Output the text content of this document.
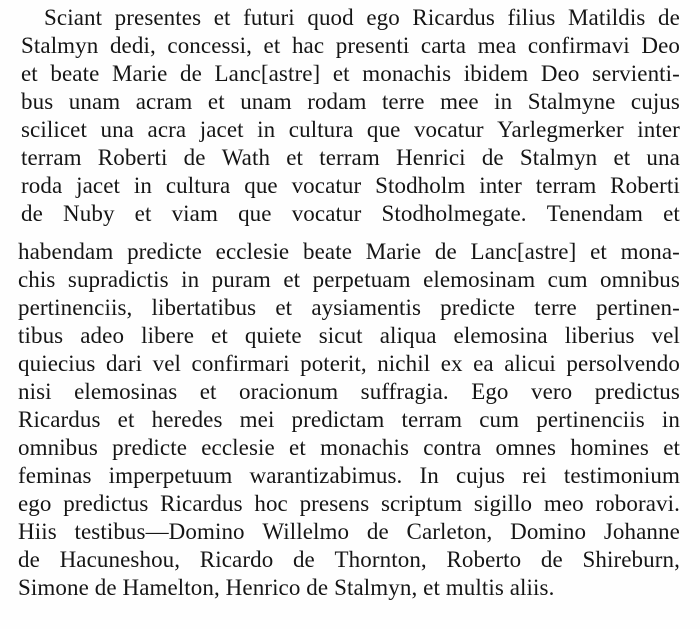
Sciant presentes et futuri quod ego Ricardus filius Matildis de
Stalmyn dedi, concessi, et hac presenti carta mea confirmavi Deo
et beate Marie de Lanc[astre] et monachis ibidem Deo servienti-
bus unam acram et unam rodam terre mee in Stalmyne cujus
scilicet una acra jacet in cultura que vocatur Yarlegmerker inter
terram Roberti de Wath et terram Henrici de Stalmyn et una
roda jacet in cultura que vocatur Stodholm inter terram Roberti
de Nuby et viam que vocatur Stodholmegate. Tenendam et
habendam predicte ecclesie beate Marie de Lanc[astre] et mona-
chis supradictis in puram et perpetuam elemosinam cum omnibus
pertinenciis, libertatibus et aysiamentis predicte terre pertinen-
tibus adeo libere et quiete sicut aliqua elemosina liberius vel
quiecius dari vel confirmari poterit, nichil ex ea alicui persolvendo
nisi elemosinas et oracionum suffragia. Ego vero predictus
Ricardus et heredes mei predictam terram cum pertinenciis in
omnibus predicte ecclesie et monachis contra omnes homines et
feminas imperpetuum warantizabimus. In cujus rei testimonium
ego predictus Ricardus hoc presens scriptum sigillo meo roboravi.
Hiis testibus—Domino Willelmo de Carleton, Domino Johanne
de Hacuneshou, Ricardo de Thornton, Roberto de Shireburn,
Simone de Hamelton, Henrico de Stalmyn, et multis aliis.
